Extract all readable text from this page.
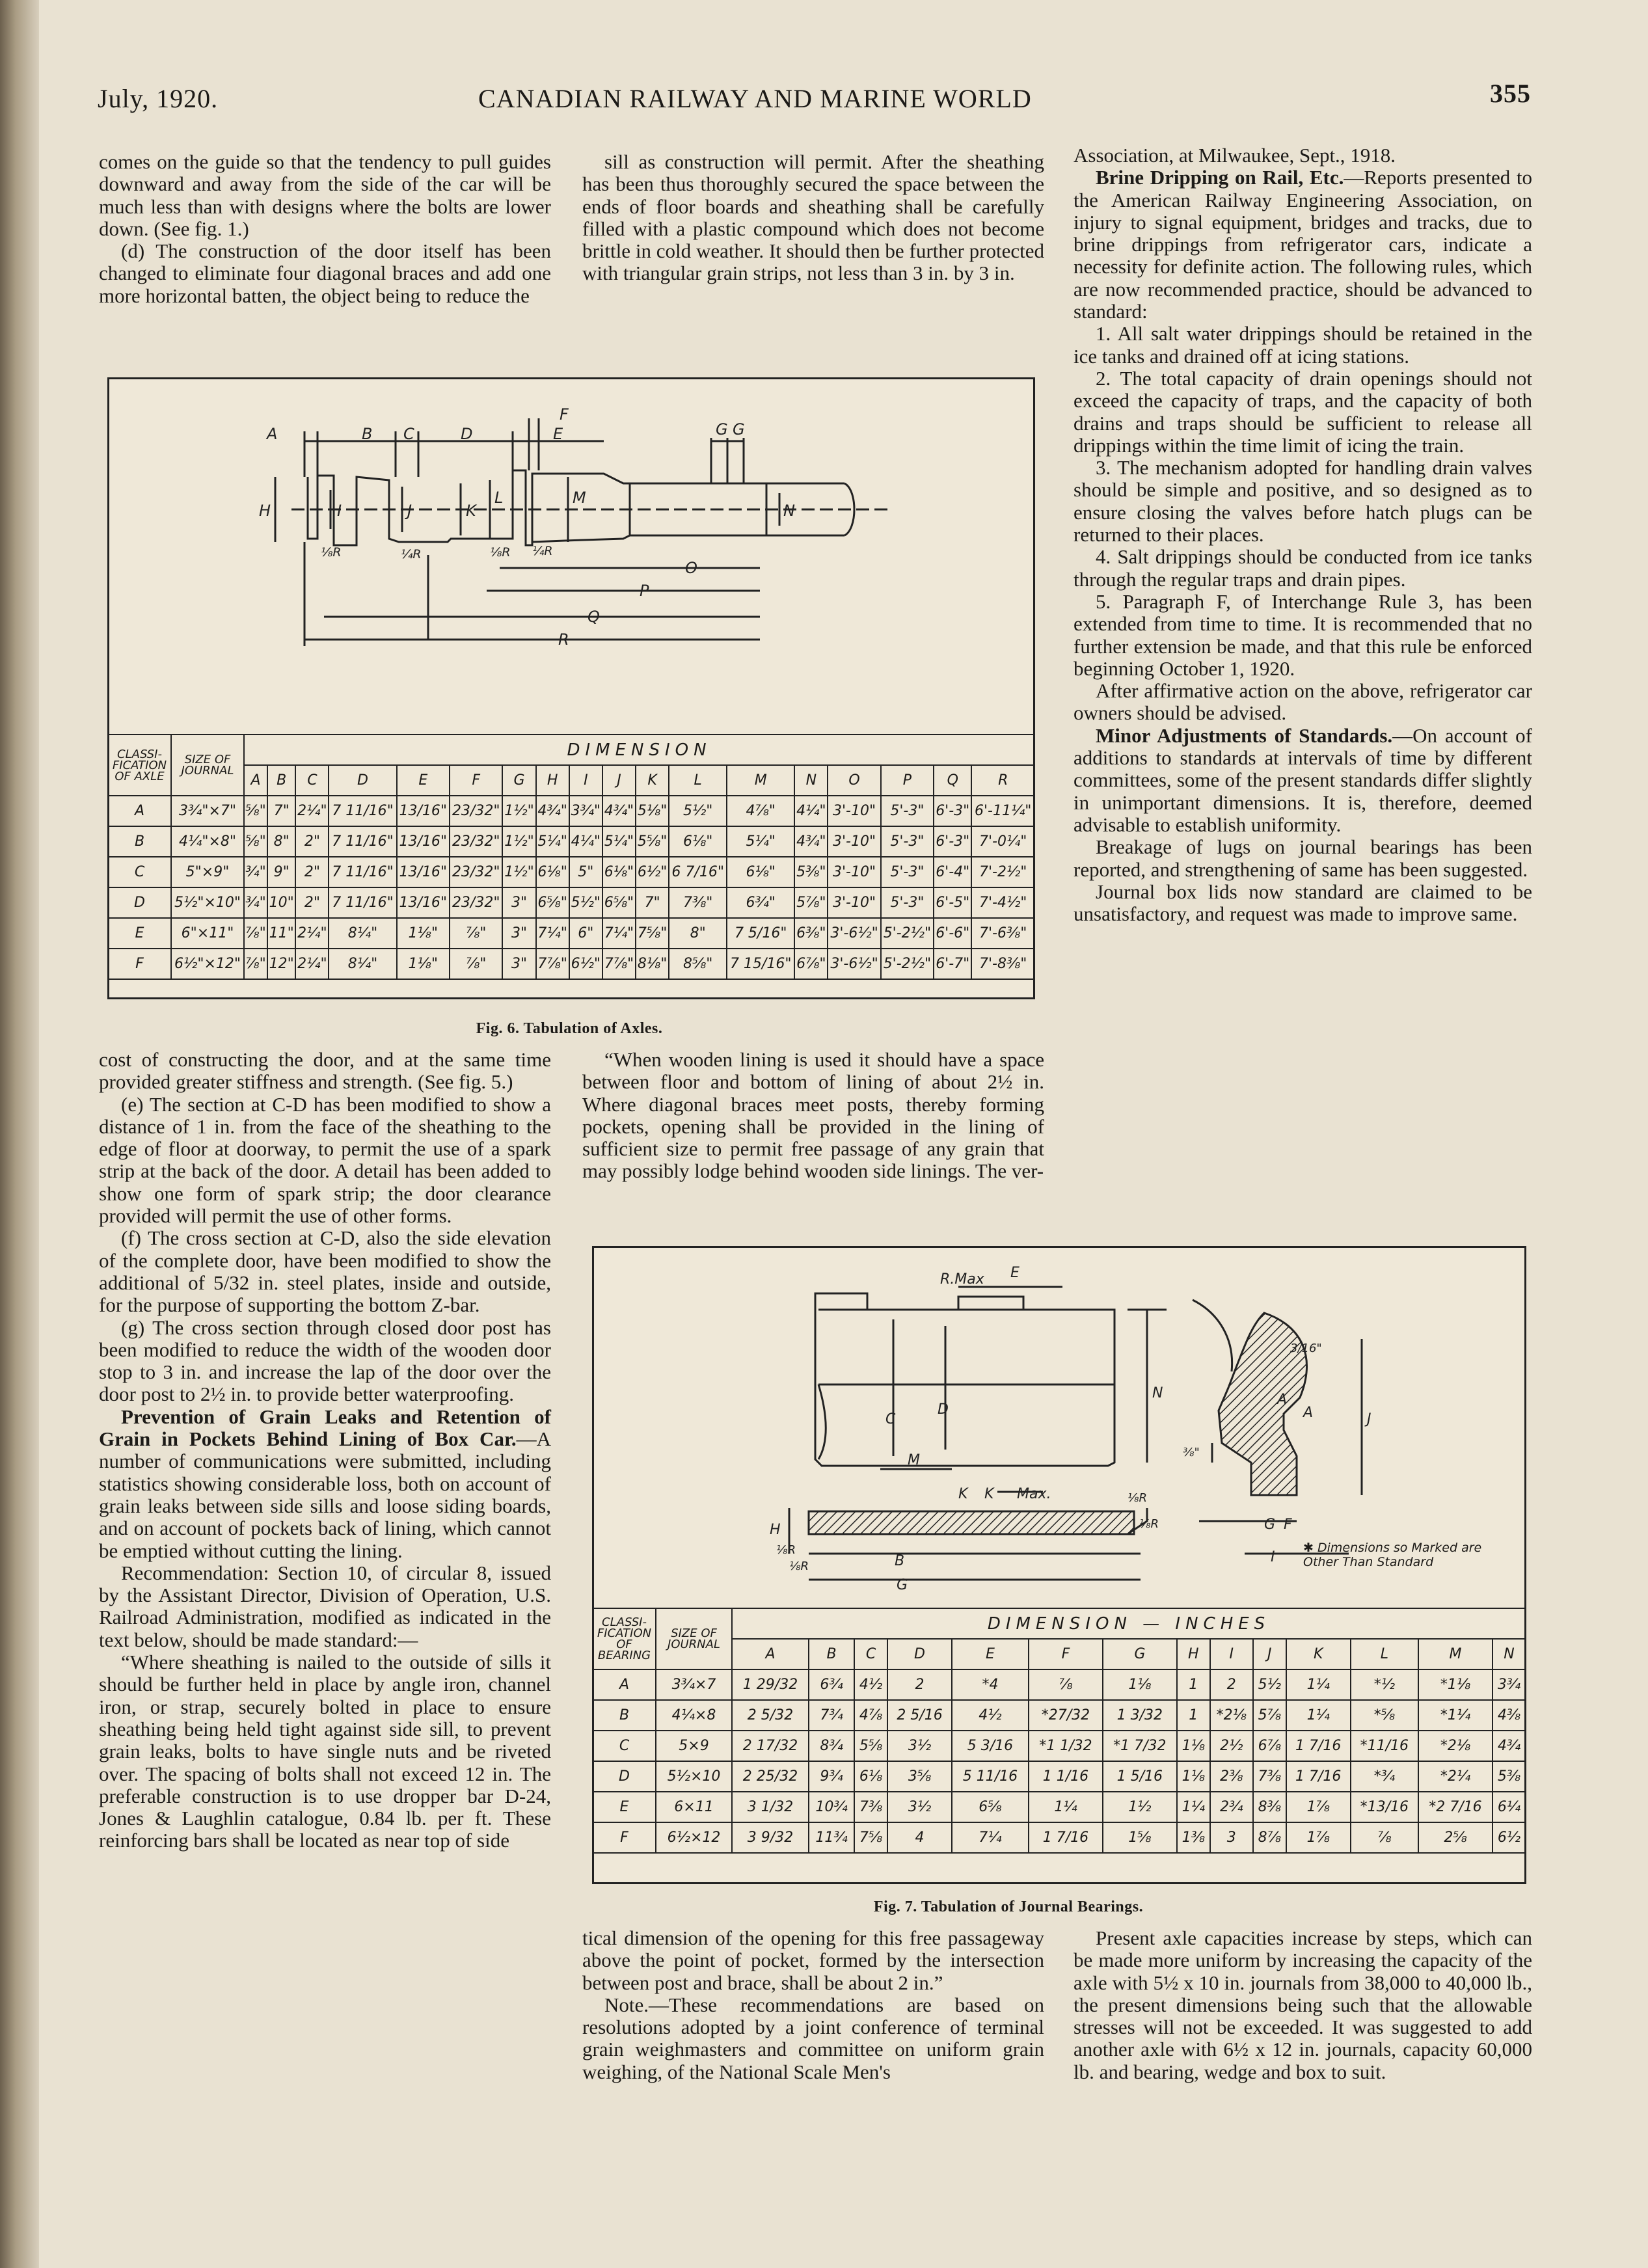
July, 1920.	CANADIAN RAILWAY AND MARINE WORLD	355

comes on the guide so that the tendency to pull guides downward and away from the side of the car will be much less than with designs where the bolts are lower down. (See fig. 1.)

(d) The construction of the door itself has been changed to eliminate four diagonal braces and add one more horizontal batten, the object being to reduce the

sill as construction will permit. After the sheathing has been thus thoroughly secured the space between the ends of floor boards and sheathing shall be carefully filled with a plastic compound which does not become brittle in cold weather. It should then be further protected with triangular grain strips, not less than 3 in. by 3 in.

Association, at Milwaukee, Sept., 1918.

Brine Dripping on Rail, Etc.—Reports presented to the American Railway Engineering Association, on injury to signal equipment, bridges and tracks, due to brine drippings from refrigerator cars, indicate a necessity for definite action. The following rules, which are now recommended practice, should be advanced to standard:

1. All salt water drippings should be retained in the ice tanks and drained off at icing stations.

2. The total capacity of drain openings should not exceed the capacity of traps, and the capacity of both drains and traps should be sufficient to release all drippings within the time limit of icing the train.

3. The mechanism adopted for handling drain valves should be simple and positive, and so designed as to ensure closing the valves before hatch plugs can be returned to their places.

4. Salt drippings should be conducted from ice tanks through the regular traps and drain pipes.

5. Paragraph F, of Interchange Rule 3, has been extended from time to time. It is recommended that no further extension be made, and that this rule be enforced beginning October 1, 1920.

After affirmative action on the above, refrigerator car owners should be advised.

Minor Adjustments of Standards.—On account of additions to standards at intervals of time by different committees, some of the present standards differ slightly in unimportant dimensions. It is, therefore, deemed advisable to establish uniformity.

Breakage of lugs on journal bearings has been reported, and strengthening of same has been suggested.

Journal box lids now standard are claimed to be unsatisfactory, and request was made to improve same.

A	B C	D	E
F
G G
H	I	J	K
L	M
N
O
P
Q
R
⅛R	¼R	⅛R ¼R
CLASSI-FICATION OF AXLE	SIZE OF JOURNAL	DIMENSION																	
		A	B	C	D	E	F	G	H	I	J	K	L	M	N	O	P	Q	R
A	3¾"×7"	⅝"	7"	2¼"	7 11/16"	13/16"	23/32"	1½"	4¾"	3¾"	4¾"	5⅛"	5½"	4⅞"	4¼"	3'-10"	5'-3"	6'-3"	6'-11¼"
B	4¼"×8"	⅝"	8"	2"	7 11/16"	13/16"	23/32"	1½"	5¼"	4¼"	5¼"	5⅝"	6⅛"	5¼"	4¾"	3'-10"	5'-3"	6'-3"	7'-0¼"
C	5"×9"	¾"	9"	2"	7 11/16"	13/16"	23/32"	1½"	6⅛"	5"	6⅛"	6½"	6 7/16"	6⅛"	5⅜"	3'-10"	5'-3"	6'-4"	7'-2½"
D	5½"×10"	¾"	10"	2"	7 11/16"	13/16"	23/32"	3"	6⅝"	5½"	6⅝"	7"	7⅜"	6¾"	5⅞"	3'-10"	5'-3"	6'-5"	7'-4½"
E	6"×11"	⅞"	11"	2¼"	8¼"	1⅛"	⅞"	3"	7¼"	6"	7¼"	7⅝"	8"	7 5/16"	6⅜"	3'-6½"	5'-2½"	6'-6"	7'-6⅜"
F	6½"×12"	⅞"	12"	2¼"	8¼"	1⅛"	⅞"	3"	7⅞"	6½"	7⅞"	8⅛"	8⅝"	7 15/16"	6⅞"	3'-6½"	5'-2½"	6'-7"	7'-8⅜"
Fig. 6. Tabulation of Axles.

cost of constructing the door, and at the same time provided greater stiffness and strength. (See fig. 5.)

(e) The section at C-D has been modified to show a distance of 1 in. from the face of the sheathing to the edge of floor at doorway, to permit the use of a spark strip at the back of the door. A detail has been added to show one form of spark strip; the door clearance provided will permit the use of other forms.

(f) The cross section at C-D, also the side elevation of the complete door, have been modified to show the additional of 5/32 in. steel plates, inside and outside, for the purpose of supporting the bottom Z-bar.

(g) The cross section through closed door post has been modified to reduce the width of the wooden door stop to 3 in. and increase the lap of the door over the door post to 2½ in. to provide better waterproofing.

Prevention of Grain Leaks and Retention of Grain in Pockets Behind Lining of Box Car.—A number of communications were submitted, including statistics showing considerable loss, both on account of grain leaks between side sills and loose siding boards, and on account of pockets back of lining, which cannot be emptied without cutting the lining.

Recommendation: Section 10, of circular 8, issued by the Assistant Director, Division of Operation, U.S. Railroad Administration, modified as indicated in the text below, should be made standard:—

“Where sheathing is nailed to the outside of sills it should be further held in place by angle iron, channel iron, or strap, securely bolted in place to ensure sheathing being held tight against side sill, to prevent grain leaks, bolts to have single nuts and be riveted over. The spacing of bolts shall not exceed 12 in. The preferable construction is to use dropper bar D-24, Jones & Laughlin catalogue, 0.84 lb. per ft. These reinforcing bars shall be located as near top of side

“When wooden lining is used it should have a space between floor and bottom of lining of about 2½ in. Where diagonal braces meet posts, thereby forming pockets, opening shall be provided in the lining of sufficient size to permit free passage of any grain that may possibly lodge behind wooden side linings. The ver-

R.Max E
C
D
N
M
K K Max.
H
B
G
G F
I
J
A
A
3/16"
⅜"
⅛R
⅛R
⅛R
⅛R
✱ Dimensions so Marked are Other Than Standard
CLASSI-FICATION OF BEARING	SIZE OF JOURNAL	DIMENSION — INCHES													
		A	B	C	D	E	F	G	H	I	J	K	L	M	N
A	3¾×7	1 29/32	6¾	4½	2	*4	⅞	1⅛	1	2	5½	1¼	*½	*1⅛	3¾
B	4¼×8	2 5/32	7¾	4⅞	2 5/16	4½	*27/32	1 3/32	1	*2⅛	5⅞	1¼	*⅝	*1¼	4⅜
C	5×9	2 17/32	8¾	5⅝	3½	5 3/16	*1 1/32	*1 7/32	1⅛	2½	6⅞	1 7/16	*11/16	*2⅛	4¾
D	5½×10	2 25/32	9¾	6⅛	3⅝	5 11/16	1 1/16	1 5/16	1⅛	2⅜	7⅜	1 7/16	*¾	*2¼	5⅜
E	6×11	3 1/32	10¾	7⅜	3½	6⅝	1¼	1½	1¼	2¾	8⅜	1⅞	*13/16	*2 7/16	6¼
F	6½×12	3 9/32	11¾	7⅝	4	7¼	1 7/16	1⅝	1⅜	3	8⅞	1⅞	⅞	2⅝	6½
Fig. 7. Tabulation of Journal Bearings.

tical dimension of the opening for this free passageway above the point of pocket, formed by the intersection between post and brace, shall be about 2 in.”

Note.—These recommendations are based on resolutions adopted by a joint conference of terminal grain weighmasters and committee on uniform grain weighing, of the National Scale Men's

Present axle capacities increase by steps, which can be made more uniform by increasing the capacity of the axle with 5½ x 10 in. journals from 38,000 to 40,000 lb., the present dimensions being such that the allowable stresses will not be exceeded. It was suggested to add another axle with 6½ x 12 in. journals, capacity 60,000 lb. and bearing, wedge and box to suit.
